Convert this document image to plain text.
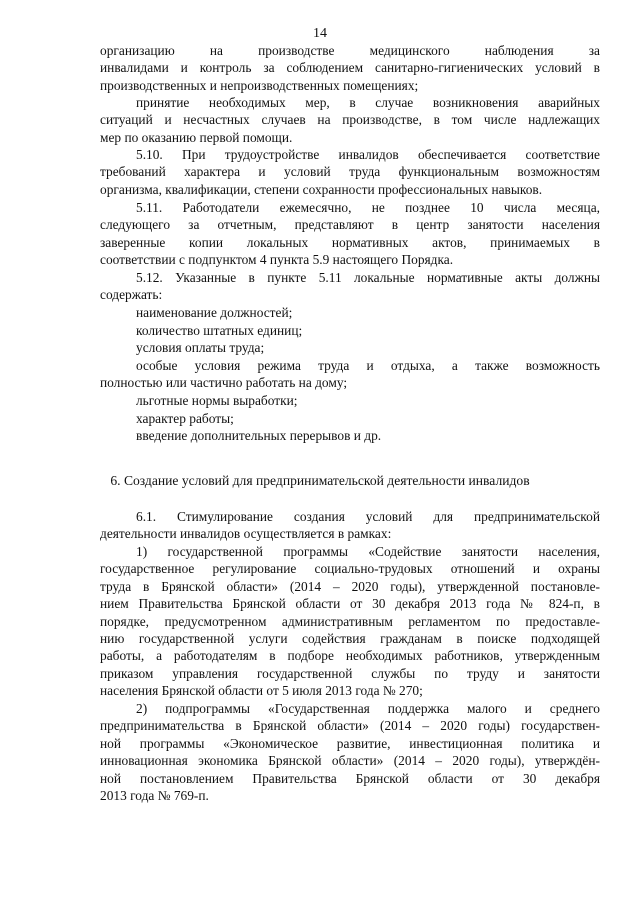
14
организацию на производстве медицинского наблюдения за
инвалидами и контроль за соблюдением санитарно-гигиенических условий в
производственных и непроизводственных помещениях;
принятие необходимых мер, в случае возникновения аварийных
ситуаций и несчастных случаев на производстве, в том числе надлежащих
мер по оказанию первой помощи.
5.10. При трудоустройстве инвалидов обеспечивается соответствие
требований характера и условий труда функциональным возможностям
организма, квалификации, степени сохранности профессиональных навыков.
5.11. Работодатели ежемесячно, не позднее 10 числа месяца,
следующего за отчетным, представляют в центр занятости населения
заверенные копии локальных нормативных актов, принимаемых в
соответствии с подпунктом 4 пункта 5.9 настоящего Порядка.
5.12. Указанные в пункте 5.11 локальные нормативные акты должны
содержать:
наименование должностей;
количество штатных единиц;
условия оплаты труда;
особые условия режима труда и отдыха, а также возможность
полностью или частично работать на дому;
льготные нормы выработки;
характер работы;
введение дополнительных перерывов и др.
6. Создание условий для предпринимательской деятельности инвалидов
6.1. Стимулирование создания условий для предпринимательской
деятельности инвалидов осуществляется в рамках:
1) государственной программы «Содействие занятости населения,
государственное регулирование социально-трудовых отношений и охраны
труда в Брянской области» (2014 – 2020 годы), утвержденной постановле-
нием Правительства Брянской области от 30 декабря 2013 года № 824-п, в
порядке, предусмотренном административным регламентом по предоставле-
нию государственной услуги содействия гражданам в поиске подходящей
работы, а работодателям в подборе необходимых работников, утвержденным
приказом управления государственной службы по труду и занятости
населения Брянской области от 5 июля 2013 года № 270;
2) подпрограммы «Государственная поддержка малого и среднего
предпринимательства в Брянской области» (2014 – 2020 годы) государствен-
ной программы «Экономическое развитие, инвестиционная политика и
инновационная экономика Брянской области» (2014 – 2020 годы), утверждён-
ной постановлением Правительства Брянской области от 30 декабря
2013 года № 769-п.
